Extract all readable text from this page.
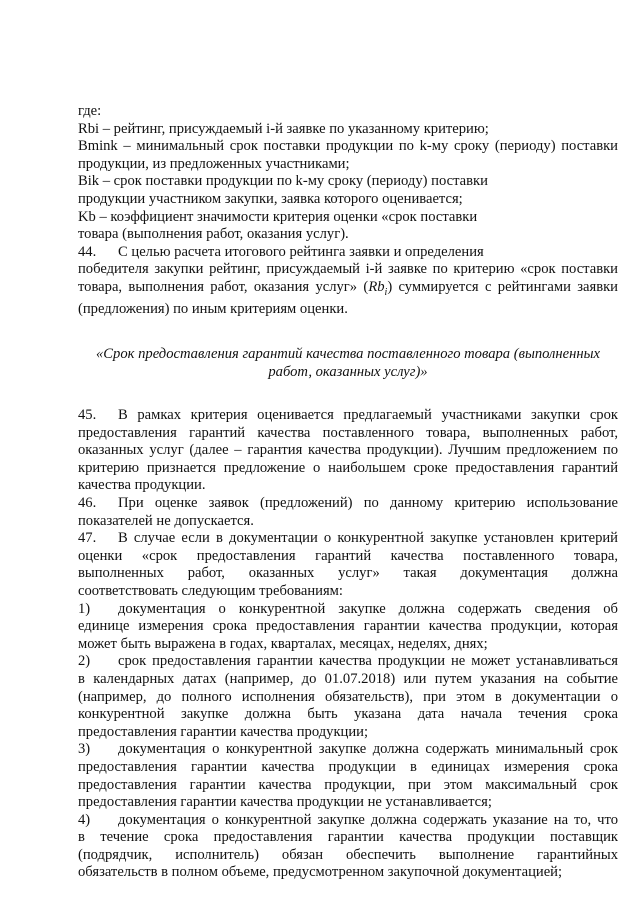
где:
Rbi – рейтинг, присуждаемый i-й заявке по указанному критерию;
Bmink – минимальный срок поставки продукции по k-му сроку (периоду) поставки
продукции, из предложенных участниками;
Bik – срок поставки продукции по k-му сроку (периоду) поставки
продукции участником закупки, заявка которого оценивается;
Kb – коэффициент значимости критерия оценки «срок поставки
товара (выполнения работ, оказания услуг).
44. С целью расчета итогового рейтинга заявки и определения
победителя закупки рейтинг, присуждаемый i-й заявке по критерию «срок поставки
товара, выполнения работ, оказания услуг» $(Rb_i)$ суммируется с рейтингами заявки
(предложения) по иным критериям оценки.
«Срок предоставления гарантий качества поставленного товара (выполненных
работ, оказанных услуг)»
45. В рамках критерия оценивается предлагаемый участниками закупки срок
предоставления гарантий качества поставленного товара, выполненных работ,
оказанных услуг (далее – гарантия качества продукции). Лучшим предложением по
критерию признается предложение о наибольшем сроке предоставления гарантий
качества продукции.
46. При оценке заявок (предложений) по данному критерию использование
показателей не допускается.
47. В случае если в документации о конкурентной закупке установлен критерий
оценки «срок предоставления гарантий качества поставленного товара,
выполненных работ, оказанных услуг» такая документация должна
соответствовать следующим требованиям:
1) документация о конкурентной закупке должна содержать сведения об
единице измерения срока предоставления гарантии качества продукции, которая
может быть выражена в годах, кварталах, месяцах, неделях, днях;
2) срок предоставления гарантии качества продукции не может устанавливаться
в календарных датах (например, до 01.07.2018) или путем указания на событие
(например, до полного исполнения обязательств), при этом в документации о
конкурентной закупке должна быть указана дата начала течения срока
предоставления гарантии качества продукции;
3) документация о конкурентной закупке должна содержать минимальный срок
предоставления гарантии качества продукции в единицах измерения срока
предоставления гарантии качества продукции, при этом максимальный срок
предоставления гарантии качества продукции не устанавливается;
4) документация о конкурентной закупке должна содержать указание на то, что
в течение срока предоставления гарантии качества продукции поставщик
(подрядчик, исполнитель) обязан обеспечить выполнение гарантийных
обязательств в полном объеме, предусмотренном закупочной документацией;
